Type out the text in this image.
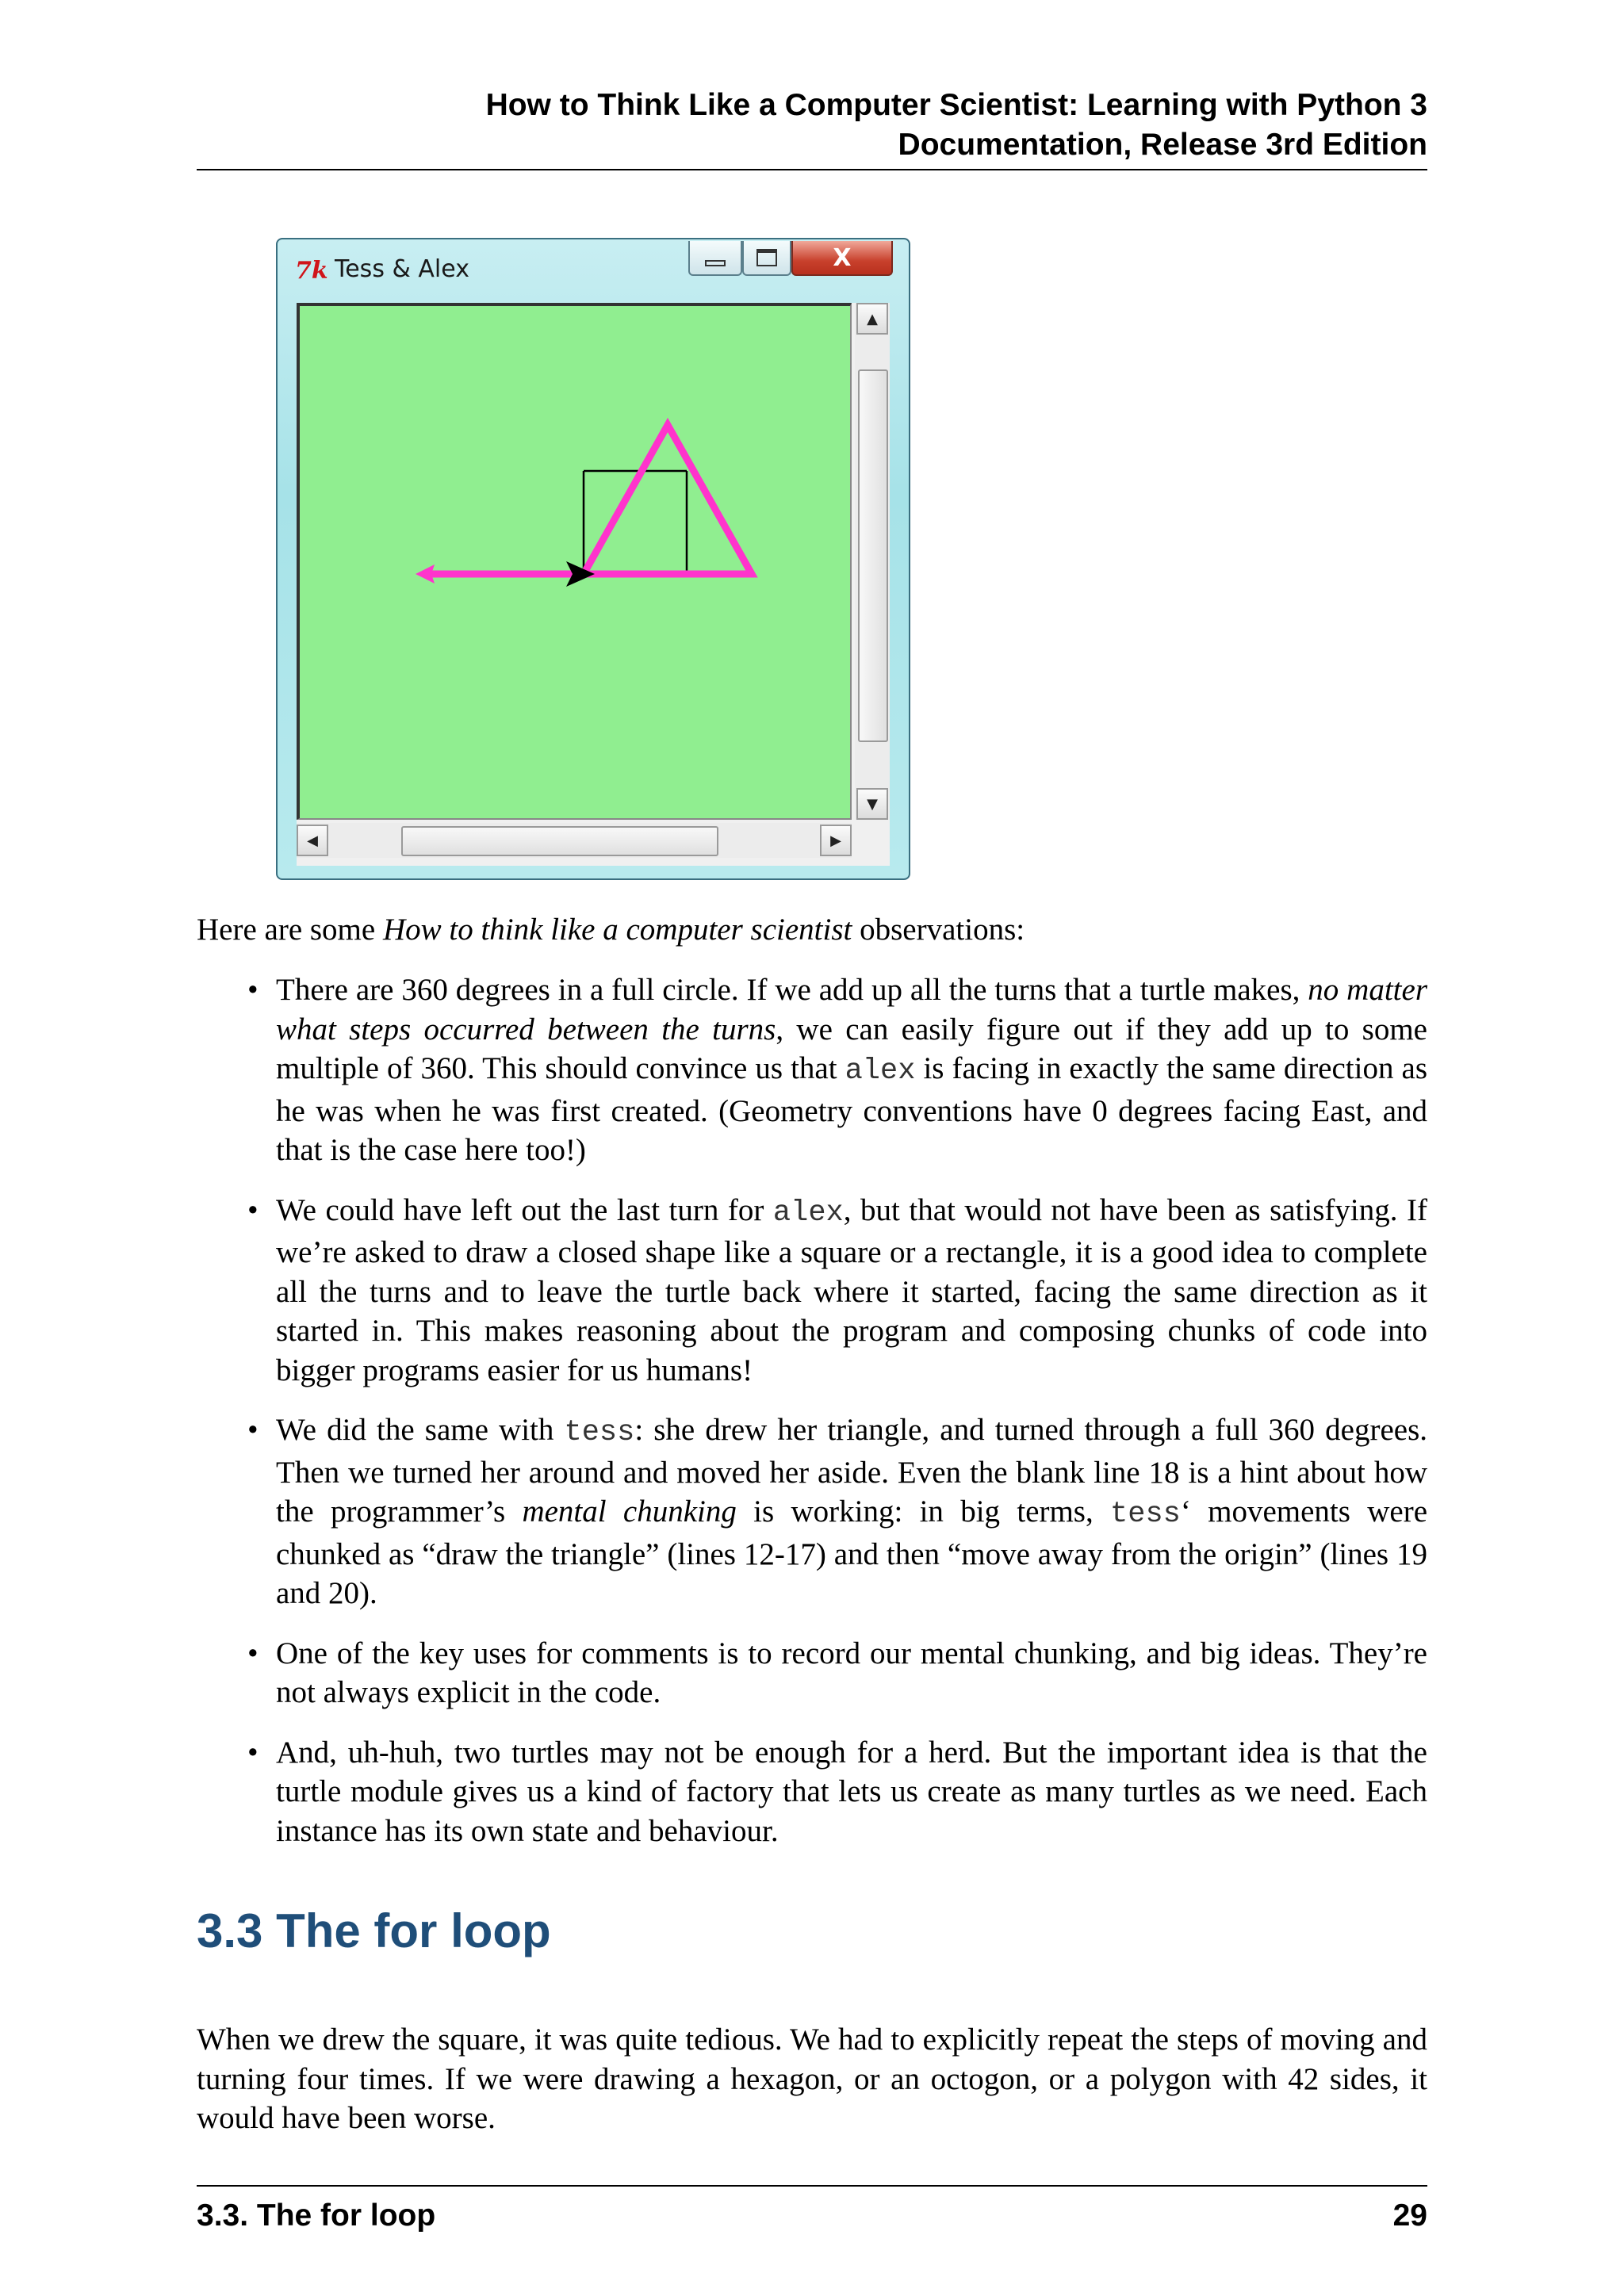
How to Think Like a Computer Scientist: Learning with Python 3
Documentation, Release 3rd Edition
7k Tess & Alex	X
▲
▼
◀	▶

Here are some How to think like a computer scientist observations:

• There are 360 degrees in a full circle. If we add up all the turns that a turtle makes, no matter what steps occurred between the turns, we can easily figure out if they add up to some multiple of 360. This should convince us that alex is facing in exactly the same direction as he was when he was first created. (Geometry conventions have 0 degrees facing East, and that is the case here too!)
• We could have left out the last turn for alex, but that would not have been as satisfying. If we’re asked to draw a closed shape like a square or a rectangle, it is a good idea to complete all the turns and to leave the turtle back where it started, facing the same direction as it started in. This makes reasoning about the program and composing chunks of code into bigger programs easier for us humans!
• We did the same with tess: she drew her triangle, and turned through a full 360 degrees. Then we turned her around and moved her aside. Even the blank line 18 is a hint about how the programmer’s mental chunking is working: in big terms, tess‘ movements were chunked as “draw the triangle” (lines 12-17) and then “move away from the origin” (lines 19 and 20).
• One of the key uses for comments is to record our mental chunking, and big ideas. They’re not always explicit in the code.
• And, uh-huh, two turtles may not be enough for a herd. But the important idea is that the turtle module gives us a kind of factory that lets us create as many turtles as we need. Each instance has its own state and behaviour.
3.3 The for loop

When we drew the square, it was quite tedious. We had to explicitly repeat the steps of moving and turning four times. If we were drawing a hexagon, or an octogon, or a polygon with 42 sides, it would have been worse.

3.3. The for loop	29
